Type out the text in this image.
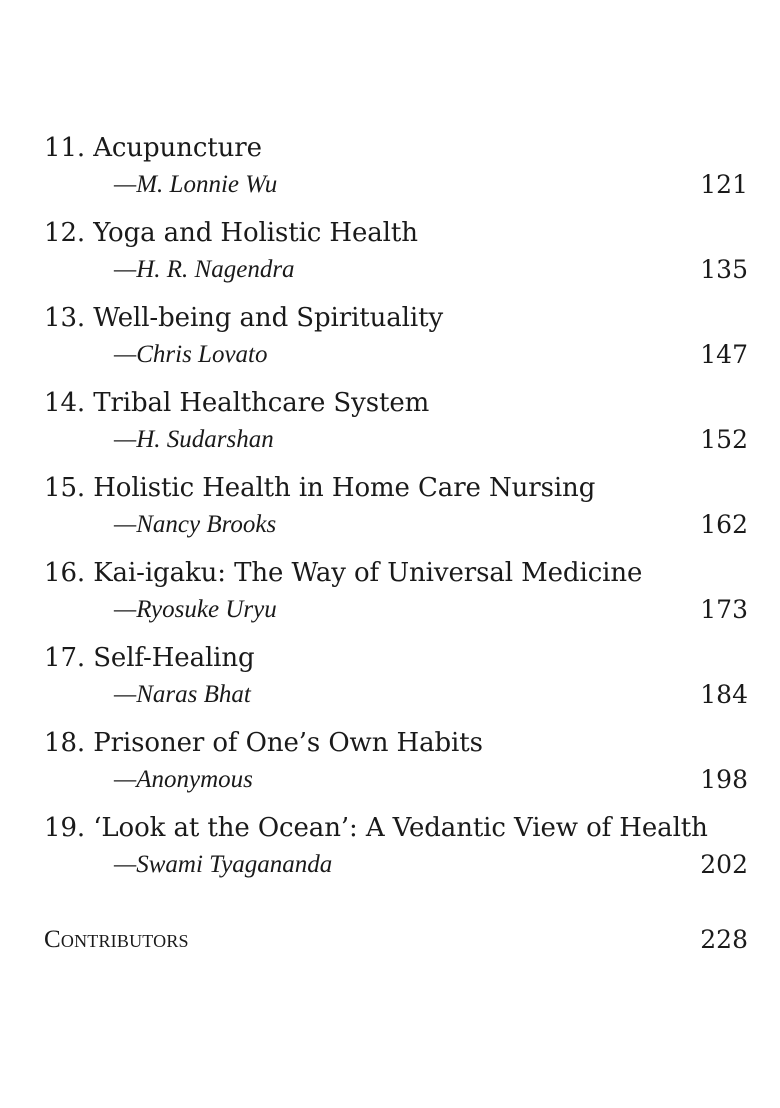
11. Acupuncture
—M. Lonnie Wu	121
12. Yoga and Holistic Health
—H. R. Nagendra	135
13. Well-being and Spirituality
—Chris Lovato	147
14. Tribal Healthcare System
—H. Sudarshan	152
15. Holistic Health in Home Care Nursing
—Nancy Brooks	162
16. Kai-igaku: The Way of Universal Medicine
—Ryosuke Uryu	173
17. Self-Healing
—Naras Bhat	184
18. Prisoner of One’s Own Habits
—Anonymous	198
19. ‘Look at the Ocean’: A Vedantic View of Health
—Swami Tyagananda	202
Contributors	228
